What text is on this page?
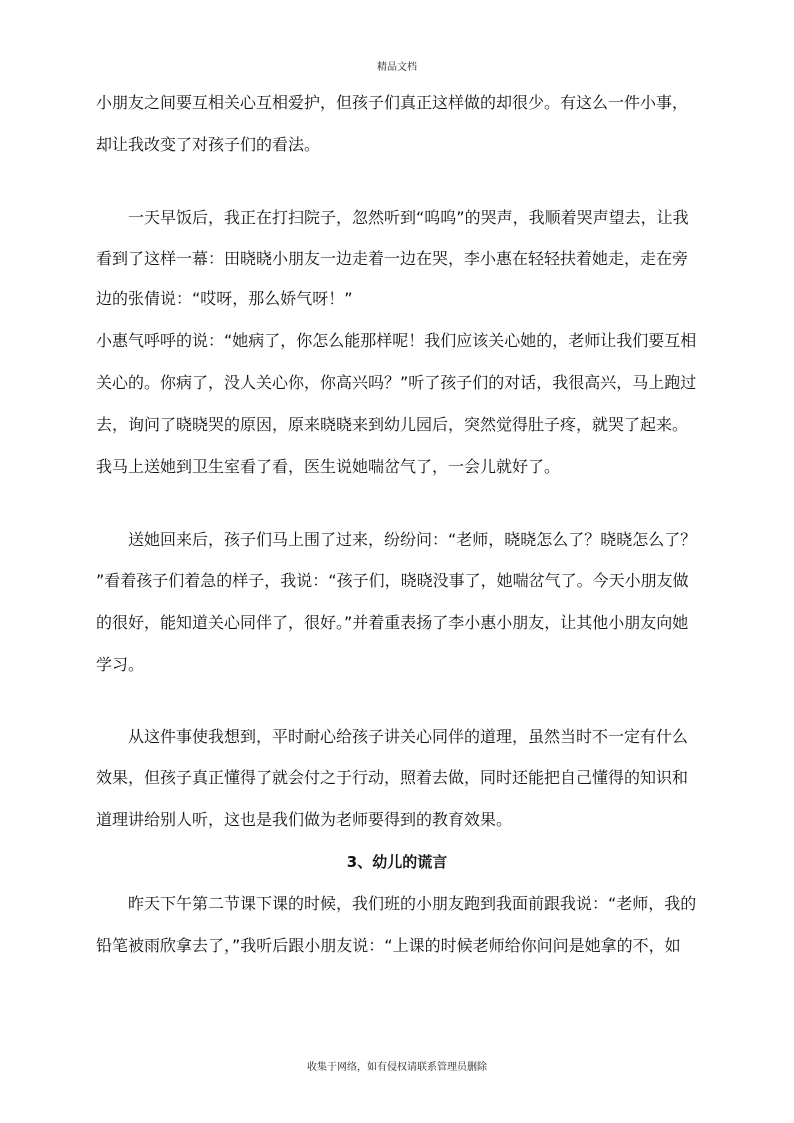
精品文档
小朋友之间要互相关心互相爱护，但孩子们真正这样做的却很少。有这么一件小事，
却让我改变了对孩子们的看法。
一天早饭后，我正在打扫院子，忽然听到“呜呜”的哭声，我顺着哭声望去，让我
看到了这样一幕：田晓晓小朋友一边走着一边在哭，李小惠在轻轻扶着她走，走在旁
边的张倩说：“哎呀，那么娇气呀！”
小惠气呼呼的说：“她病了，你怎么能那样呢！我们应该关心她的，老师让我们要互相
关心的。你病了，没人关心你，你高兴吗？”听了孩子们的对话，我很高兴，马上跑过
去，询问了晓晓哭的原因，原来晓晓来到幼儿园后，突然觉得肚子疼，就哭了起来。
我马上送她到卫生室看了看，医生说她喘岔气了，一会儿就好了。
送她回来后，孩子们马上围了过来，纷纷问：“老师，晓晓怎么了？晓晓怎么了？
”看着孩子们着急的样子，我说：“孩子们，晓晓没事了，她喘岔气了。今天小朋友做
的很好，能知道关心同伴了，很好。”并着重表扬了李小惠小朋友，让其他小朋友向她
学习。
从这件事使我想到，平时耐心给孩子讲关心同伴的道理，虽然当时不一定有什么
效果，但孩子真正懂得了就会付之于行动，照着去做，同时还能把自己懂得的知识和
道理讲给别人听，这也是我们做为老师要得到的教育效果。
3、幼儿的谎言
昨天下午第二节课下课的时候，我们班的小朋友跑到我面前跟我说：“老师，我的
铅笔被雨欣拿去了，”我听后跟小朋友说：“上课的时候老师给你问问是她拿的不，如
收集于网络，如有侵权请联系管理员删除
